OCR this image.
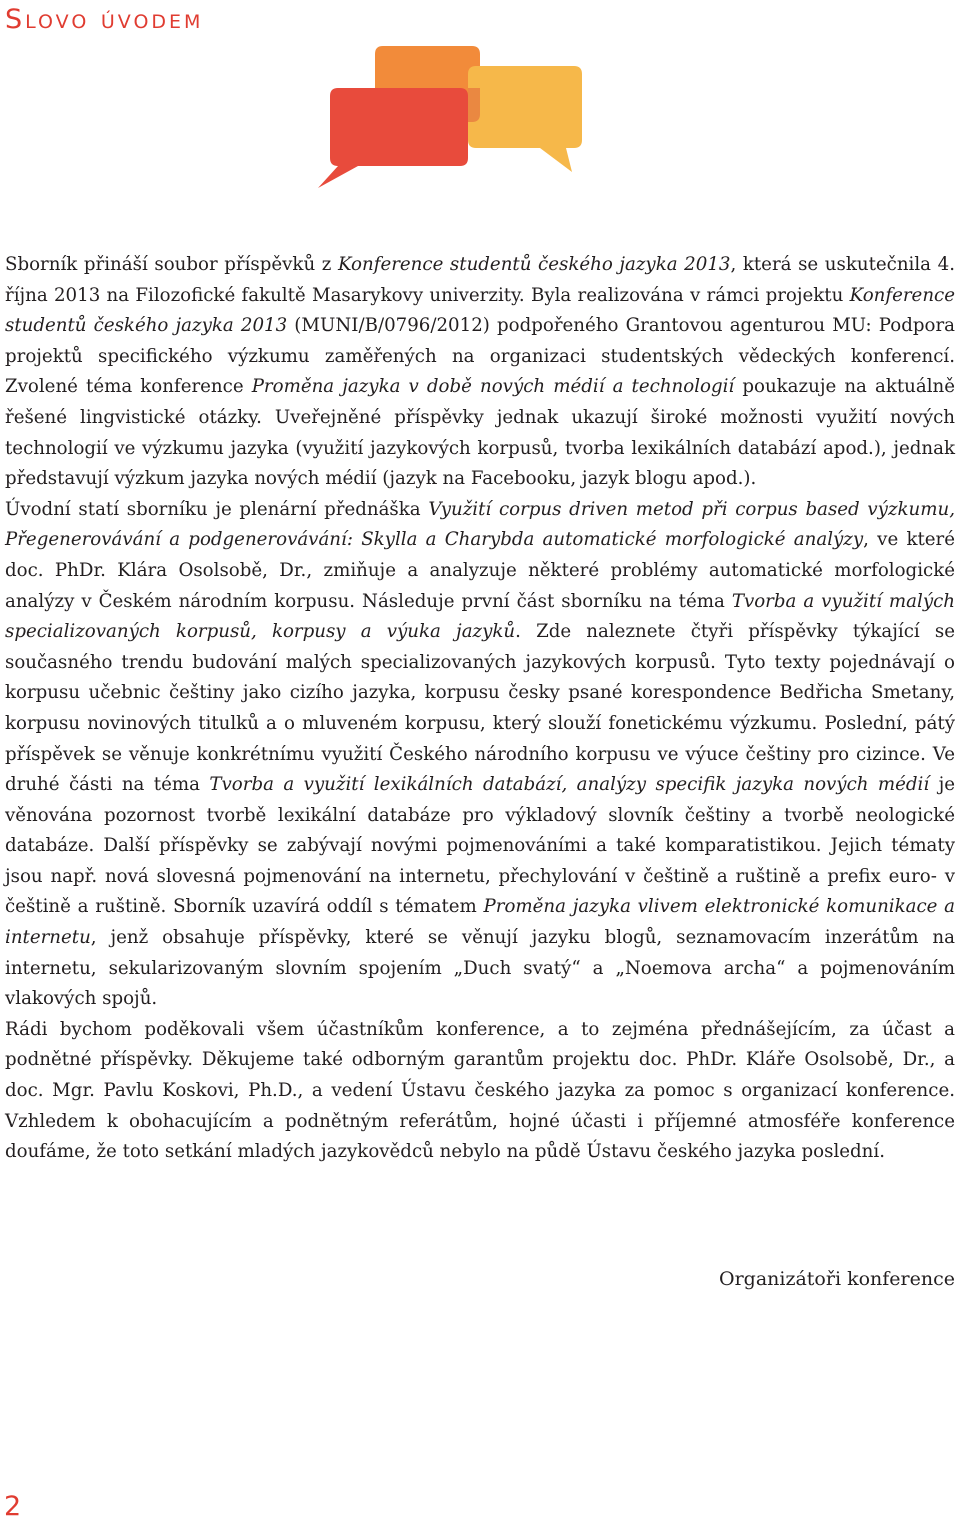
Slovo úvodem

Sborník přináší soubor příspěvků z Konference studentů českého jazyka 2013, která se uskutečnila 4. října 2013 na Filozofické fakultě Masarykovy univerzity. Byla realizována v rámci projektu Konference studentů českého jazyka 2013 (MUNI/B/0796/2012) podpořeného Grantovou agenturou MU: Podpora projektů specifického výzkumu zaměřených na organizaci studentských vědeckých konferencí. Zvolené téma konference Proměna jazyka v době nových médií a technologií poukazuje na aktuálně řešené lingvistické otázky. Uveřejněné příspěvky jednak ukazují široké možnosti využití nových technologií ve výzkumu jazyka (využití jazykových korpusů, tvorba lexikálních databází apod.), jednak představují výzkum jazyka nových médií (jazyk na Facebooku, jazyk blogu apod.).

Úvodní statí sborníku je plenární přednáška Využití corpus driven metod při corpus based výzkumu, Přegenerovávání a podgenerovávání: Skylla a Charybda automatické morfologické analýzy, ve které doc. PhDr. Klára Osolsobě, Dr., zmiňuje a analyzuje některé problémy automatické morfologické analýzy v Českém národním korpusu. Následuje první část sborníku na téma Tvorba a využití malých specializovaných korpusů, korpusy a výuka jazyků. Zde naleznete čtyři příspěvky týkající se současného trendu budování malých specializovaných jazykových korpusů. Tyto texty pojednávají o korpusu učebnic češtiny jako cizího jazyka, korpusu česky psané korespondence Bedřicha Smetany, korpusu novinových titulků a o mluveném korpusu, který slouží fonetickému výzkumu. Poslední, pátý příspěvek se věnuje konkrétnímu využití Českého národního korpusu ve výuce češtiny pro cizince. Ve druhé části na téma Tvorba a využití lexikálních databází, analýzy specifik jazyka nových médií je věnována pozornost tvorbě lexikální databáze pro výkladový slovník češtiny a tvorbě neologické databáze. Další příspěvky se zabývají novými pojmenováními a také komparatistikou. Jejich tématy jsou např. nová slovesná pojmenování na internetu, přechylování v češtině a ruštině a prefix euro- v češtině a ruštině. Sborník uzavírá oddíl s tématem Proměna jazyka vlivem elektronické komunikace a internetu, jenž obsahuje příspěvky, které se věnují jazyku blogů, seznamovacím inzerátům na internetu, sekularizovaným slovním spojením „Duch svatý“ a „Noemova archa“ a pojmenováním vlakových spojů.

Rádi bychom poděkovali všem účastníkům konference, a to zejména přednášejícím, za účast a podnětné příspěvky. Děkujeme také odborným garantům projektu doc. PhDr. Kláře Osolsobě, Dr., a doc. Mgr. Pavlu Koskovi, Ph.D., a vedení Ústavu českého jazyka za pomoc s organizací konference. Vzhledem k obohacujícím a podnětným referátům, hojné účasti i příjemné atmosféře konference doufáme, že toto setkání mladých jazykovědců nebylo na půdě Ústavu českého jazyka poslední.

Organizátoři konference
2
